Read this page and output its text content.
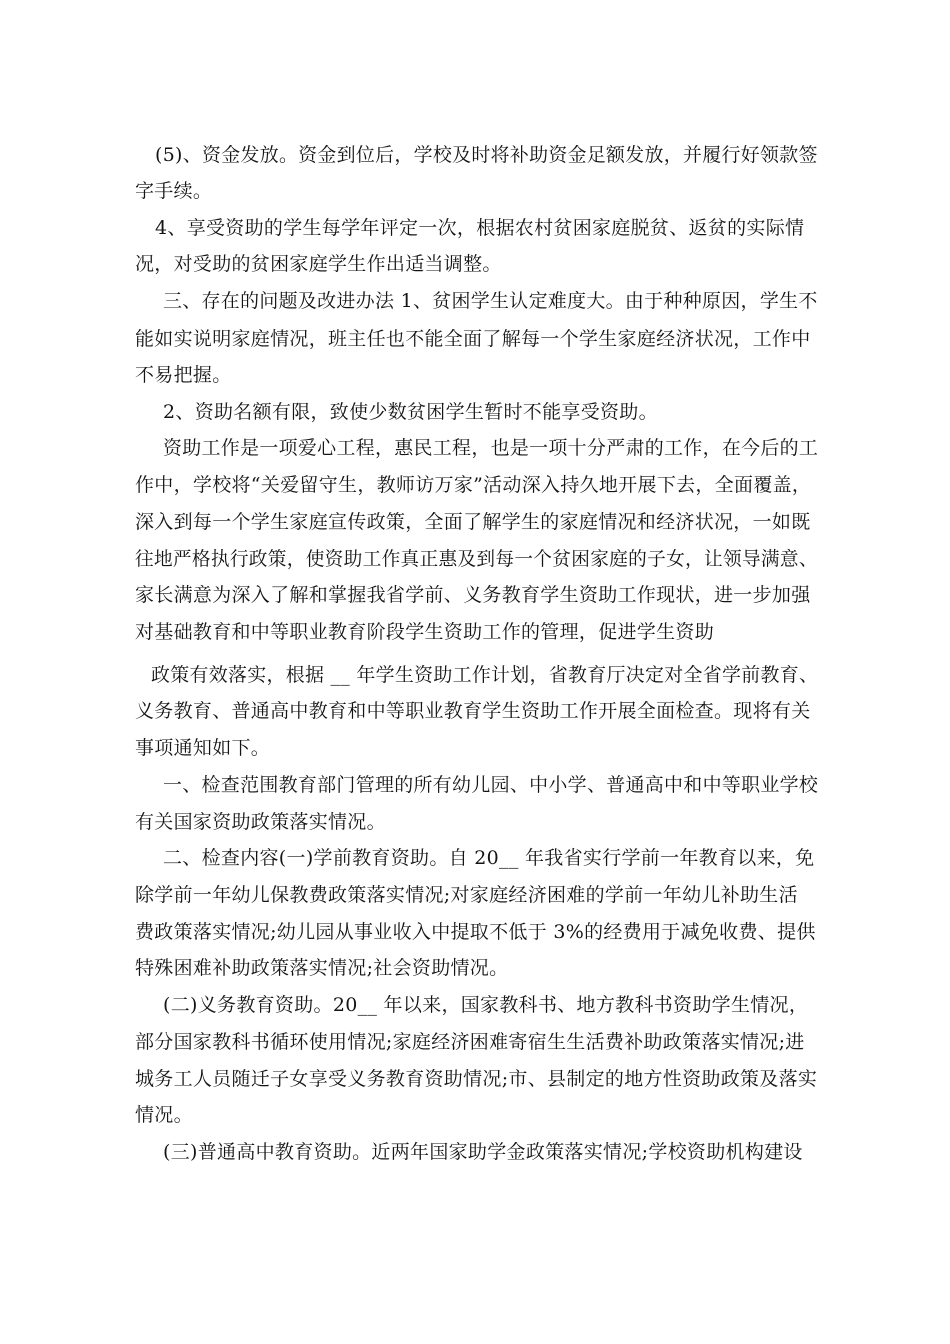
(5)、资金发放。资金到位后，学校及时将补助资金足额发放，并履行好领款签
字手续。
4、享受资助的学生每学年评定一次，根据农村贫困家庭脱贫、返贫的实际情
况，对受助的贫困家庭学生作出适当调整。
三、存在的问题及改进办法 1、贫困学生认定难度大。由于种种原因，学生不
能如实说明家庭情况，班主任也不能全面了解每一个学生家庭经济状况，工作中
不易把握。
2、资助名额有限，致使少数贫困学生暂时不能享受资助。
资助工作是一项爱心工程，惠民工程，也是一项十分严肃的工作，在今后的工
作中，学校将“关爱留守生，教师访万家”活动深入持久地开展下去，全面覆盖，
深入到每一个学生家庭宣传政策，全面了解学生的家庭情况和经济状况，一如既
往地严格执行政策，使资助工作真正惠及到每一个贫困家庭的子女，让领导满意、
家长满意为深入了解和掌握我省学前、义务教育学生资助工作现状，进一步加强
对基础教育和中等职业教育阶段学生资助工作的管理，促进学生资助
政策有效落实，根据 __ 年学生资助工作计划，省教育厅决定对全省学前教育、
义务教育、普通高中教育和中等职业教育学生资助工作开展全面检查。现将有关
事项通知如下。
一、检查范围教育部门管理的所有幼儿园、中小学、普通高中和中等职业学校
有关国家资助政策落实情况。
二、检查内容(一)学前教育资助。自 20__ 年我省实行学前一年教育以来，免
除学前一年幼儿保教费政策落实情况;对家庭经济困难的学前一年幼儿补助生活
费政策落实情况;幼儿园从事业收入中提取不低于 3%的经费用于减免收费、提供
特殊困难补助政策落实情况;社会资助情况。
(二)义务教育资助。20__ 年以来，国家教科书、地方教科书资助学生情况，
部分国家教科书循环使用情况;家庭经济困难寄宿生生活费补助政策落实情况;进
城务工人员随迁子女享受义务教育资助情况;市、县制定的地方性资助政策及落实
情况。
(三)普通高中教育资助。近两年国家助学金政策落实情况;学校资助机构建设
